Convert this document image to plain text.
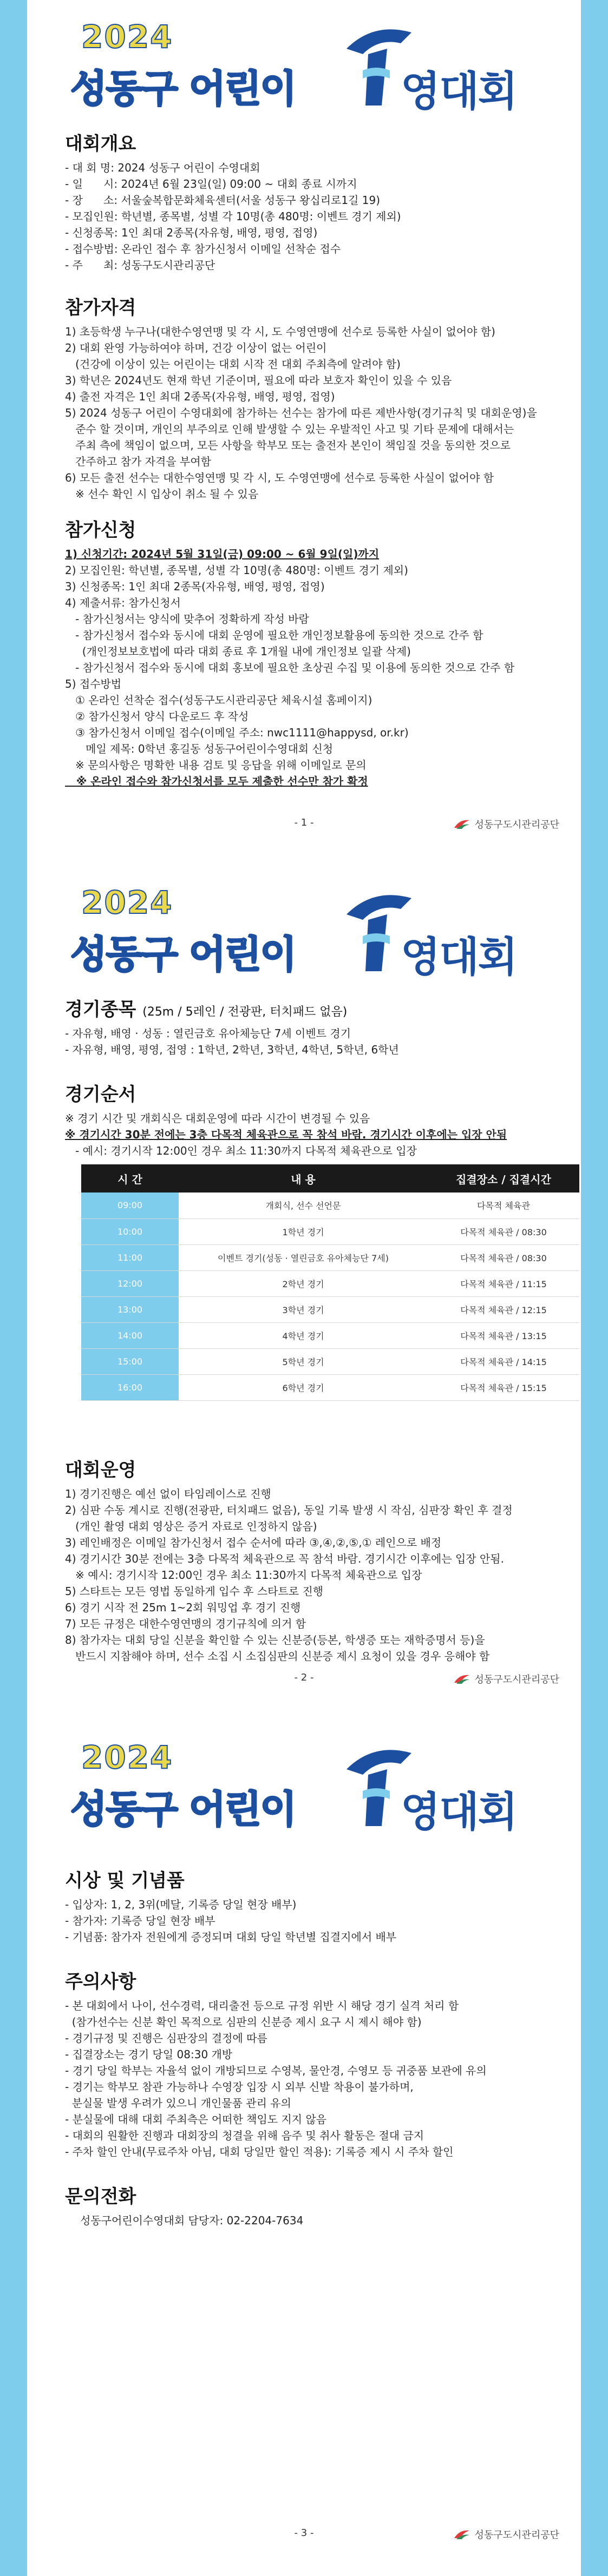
2024
성동구 어린이	영대회
대회개요
- 대 회 명: 2024 성동구 어린이 수영대회
- 일      시: 2024년 6월 23일(일) 09:00 ~ 대회 종료 시까지
- 장      소: 서울숲복합문화체육센터(서울 성동구 왕십리로1길 19)
- 모집인원: 학년별, 종목별, 성별 각 10명(총 480명: 이벤트 경기 제외)
- 신청종목: 1인 최대 2종목(자유형, 배영, 평영, 접영)
- 접수방법: 온라인 접수 후 참가신청서 이메일 선착순 접수
- 주      최: 성동구도시관리공단
참가자격
1) 초등학생 누구나(대한수영연맹 및 각 시, 도 수영연맹에 선수로 등록한 사실이 없어야 함)
2) 대회 완영 가능하여야 하며, 건강 이상이 없는 어린이
(건강에 이상이 있는 어린이는 대회 시작 전 대회 주최측에 알려야 함)
3) 학년은 2024년도 현재 학년 기준이며, 필요에 따라 보호자 확인이 있을 수 있음
4) 출전 자격은 1인 최대 2종목(자유형, 배영, 평영, 접영)
5) 2024 성동구 어린이 수영대회에 참가하는 선수는 참가에 따른 제반사항(경기규칙 및 대회운영)을
준수 할 것이며, 개인의 부주의로 인해 발생할 수 있는 우발적인 사고 및 기타 문제에 대해서는
주최 측에 책임이 없으며, 모든 사항을 학부모 또는 출전자 본인이 책임질 것을 동의한 것으로
간주하고 참가 자격을 부여함
6) 모든 출전 선수는 대한수영연맹 및 각 시, 도 수영연맹에 선수로 등록한 사실이 없어야 함
※ 선수 확인 시 입상이 취소 될 수 있음
참가신청
1) 신청기간: 2024년 5월 31일(금) 09:00 ~ 6월 9일(일)까지
2) 모집인원: 학년별, 종목별, 성별 각 10명(총 480명: 이벤트 경기 제외)
3) 신청종목: 1인 최대 2종목(자유형, 배영, 평영, 접영)
4) 제출서류: 참가신청서
- 참가신청서는 양식에 맞추어 정확하게 작성 바람
- 참가신청서 접수와 동시에 대회 운영에 필요한 개인정보활용에 동의한 것으로 간주 함
(개인정보보호법에 따라 대회 종료 후 1개월 내에 개인정보 일괄 삭제)
- 참가신청서 접수와 동시에 대회 홍보에 필요한 초상권 수집 및 이용에 동의한 것으로 간주 함
5) 접수방법
① 온라인 선착순 접수(성동구도시관리공단 체육시설 홈페이지)
② 참가신청서 양식 다운로드 후 작성
③ 참가신청서 이메일 접수(이메일 주소: nwc1111@happysd, or.kr)
메일 제목: 0학년 홍길동 성동구어린이수영대회 신청
※ 문의사항은 명확한 내용 검토 및 응답을 위해 이메일로 문의
※ 온라인 접수와 참가신청서를 모두 제출한 선수만 참가 확정
- 1 -	성동구도시관리공단
2024
성동구 어린이	영대회
경기종목 (25m / 5레인 / 전광판, 터치패드 없음)
- 자유형, 배영 · 성동 : 열린금호 유아체능단 7세 이벤트 경기
- 자유형, 배영, 평영, 접영 : 1학년, 2학년, 3학년, 4학년, 5학년, 6학년
경기순서
※ 경기 시간 및 개회식은 대회운영에 따라 시간이 변경될 수 있음
※ 경기시간 30분 전에는 3층 다목적 체육관으로 꼭 참석 바람. 경기시간 이후에는 입장 안됨
- 예시: 경기시작 12:00인 경우 최소 11:30까지 다목적 체육관으로 입장
시 간	내 용	집결장소 / 집결시간
09:00	개회식, 선수 선언문	다목적 체육관
10:00	1학년 경기	다목적 체육관 / 08:30
11:00	이벤트 경기(성동 · 열린금호 유아체능단 7세)	다목적 체육관 / 08:30
12:00	2학년 경기	다목적 체육관 / 11:15
13:00	3학년 경기	다목적 체육관 / 12:15
14:00	4학년 경기	다목적 체육관 / 13:15
15:00	5학년 경기	다목적 체육관 / 14:15
16:00	6학년 경기	다목적 체육관 / 15:15
대회운영
1) 경기진행은 예선 없이 타임레이스로 진행
2) 심판 수동 계시로 진행(전광판, 터치패드 없음), 동일 기록 발생 시 작심, 심판장 확인 후 결정
(개인 촬영 대회 영상은 증거 자료로 인정하지 않음)
3) 레인배정은 이메일 참가신청서 접수 순서에 따라 ③,④,②,⑤,① 레인으로 배정
4) 경기시간 30분 전에는 3층 다목적 체육관으로 꼭 참석 바람. 경기시간 이후에는 입장 안됨.
※ 예시: 경기시작 12:00인 경우 최소 11:30까지 다목적 체육관으로 입장
5) 스타트는 모든 영법 동일하게 입수 후 스타트로 진행
6) 경기 시작 전 25m 1~2회 워밍업 후 경기 진행
7) 모든 규정은 대한수영연맹의 경기규칙에 의거 함
8) 참가자는 대회 당일 신분을 확인할 수 있는 신분증(등본, 학생증 또는 재학증명서 등)을
반드시 지참해야 하며, 선수 소집 시 소집심판의 신분증 제시 요청이 있을 경우 응해야 함
- 2 -	성동구도시관리공단
2024
성동구 어린이	영대회
시상 및 기념품
- 입상자: 1, 2, 3위(메달, 기록증 당일 현장 배부)
- 참가자: 기록증 당일 현장 배부
- 기념품: 참가자 전원에게 증정되며 대회 당일 학년별 집결지에서 배부
주의사항
- 본 대회에서 나이, 선수경력, 대리출전 등으로 규정 위반 시 해당 경기 실격 처리 함
(참가선수는 신분 확인 목적으로 심판의 신분증 제시 요구 시 제시 해야 함)
- 경기규정 및 진행은 심판장의 결정에 따름
- 집결장소는 경기 당일 08:30 개방
- 경기 당일 학부는 자율석 없이 개방되므로 수영복, 물안경, 수영모 등 귀중품 보관에 유의
- 경기는 학부모 참관 가능하나 수영장 입장 시 외부 신발 착용이 불가하며,
분실물 발생 우려가 있으니 개인물품 관리 유의
- 분실물에 대해 대회 주최측은 어떠한 책임도 지지 않음
- 대회의 원활한 진행과 대회장의 청결을 위해 음주 및 취사 활동은 절대 금지
- 주차 할인 안내(무료주차 아님, 대회 당일만 할인 적용): 기록증 제시 시 주차 할인
문의전화
성동구어린이수영대회 담당자: 02-2204-7634
- 3 -	성동구도시관리공단
